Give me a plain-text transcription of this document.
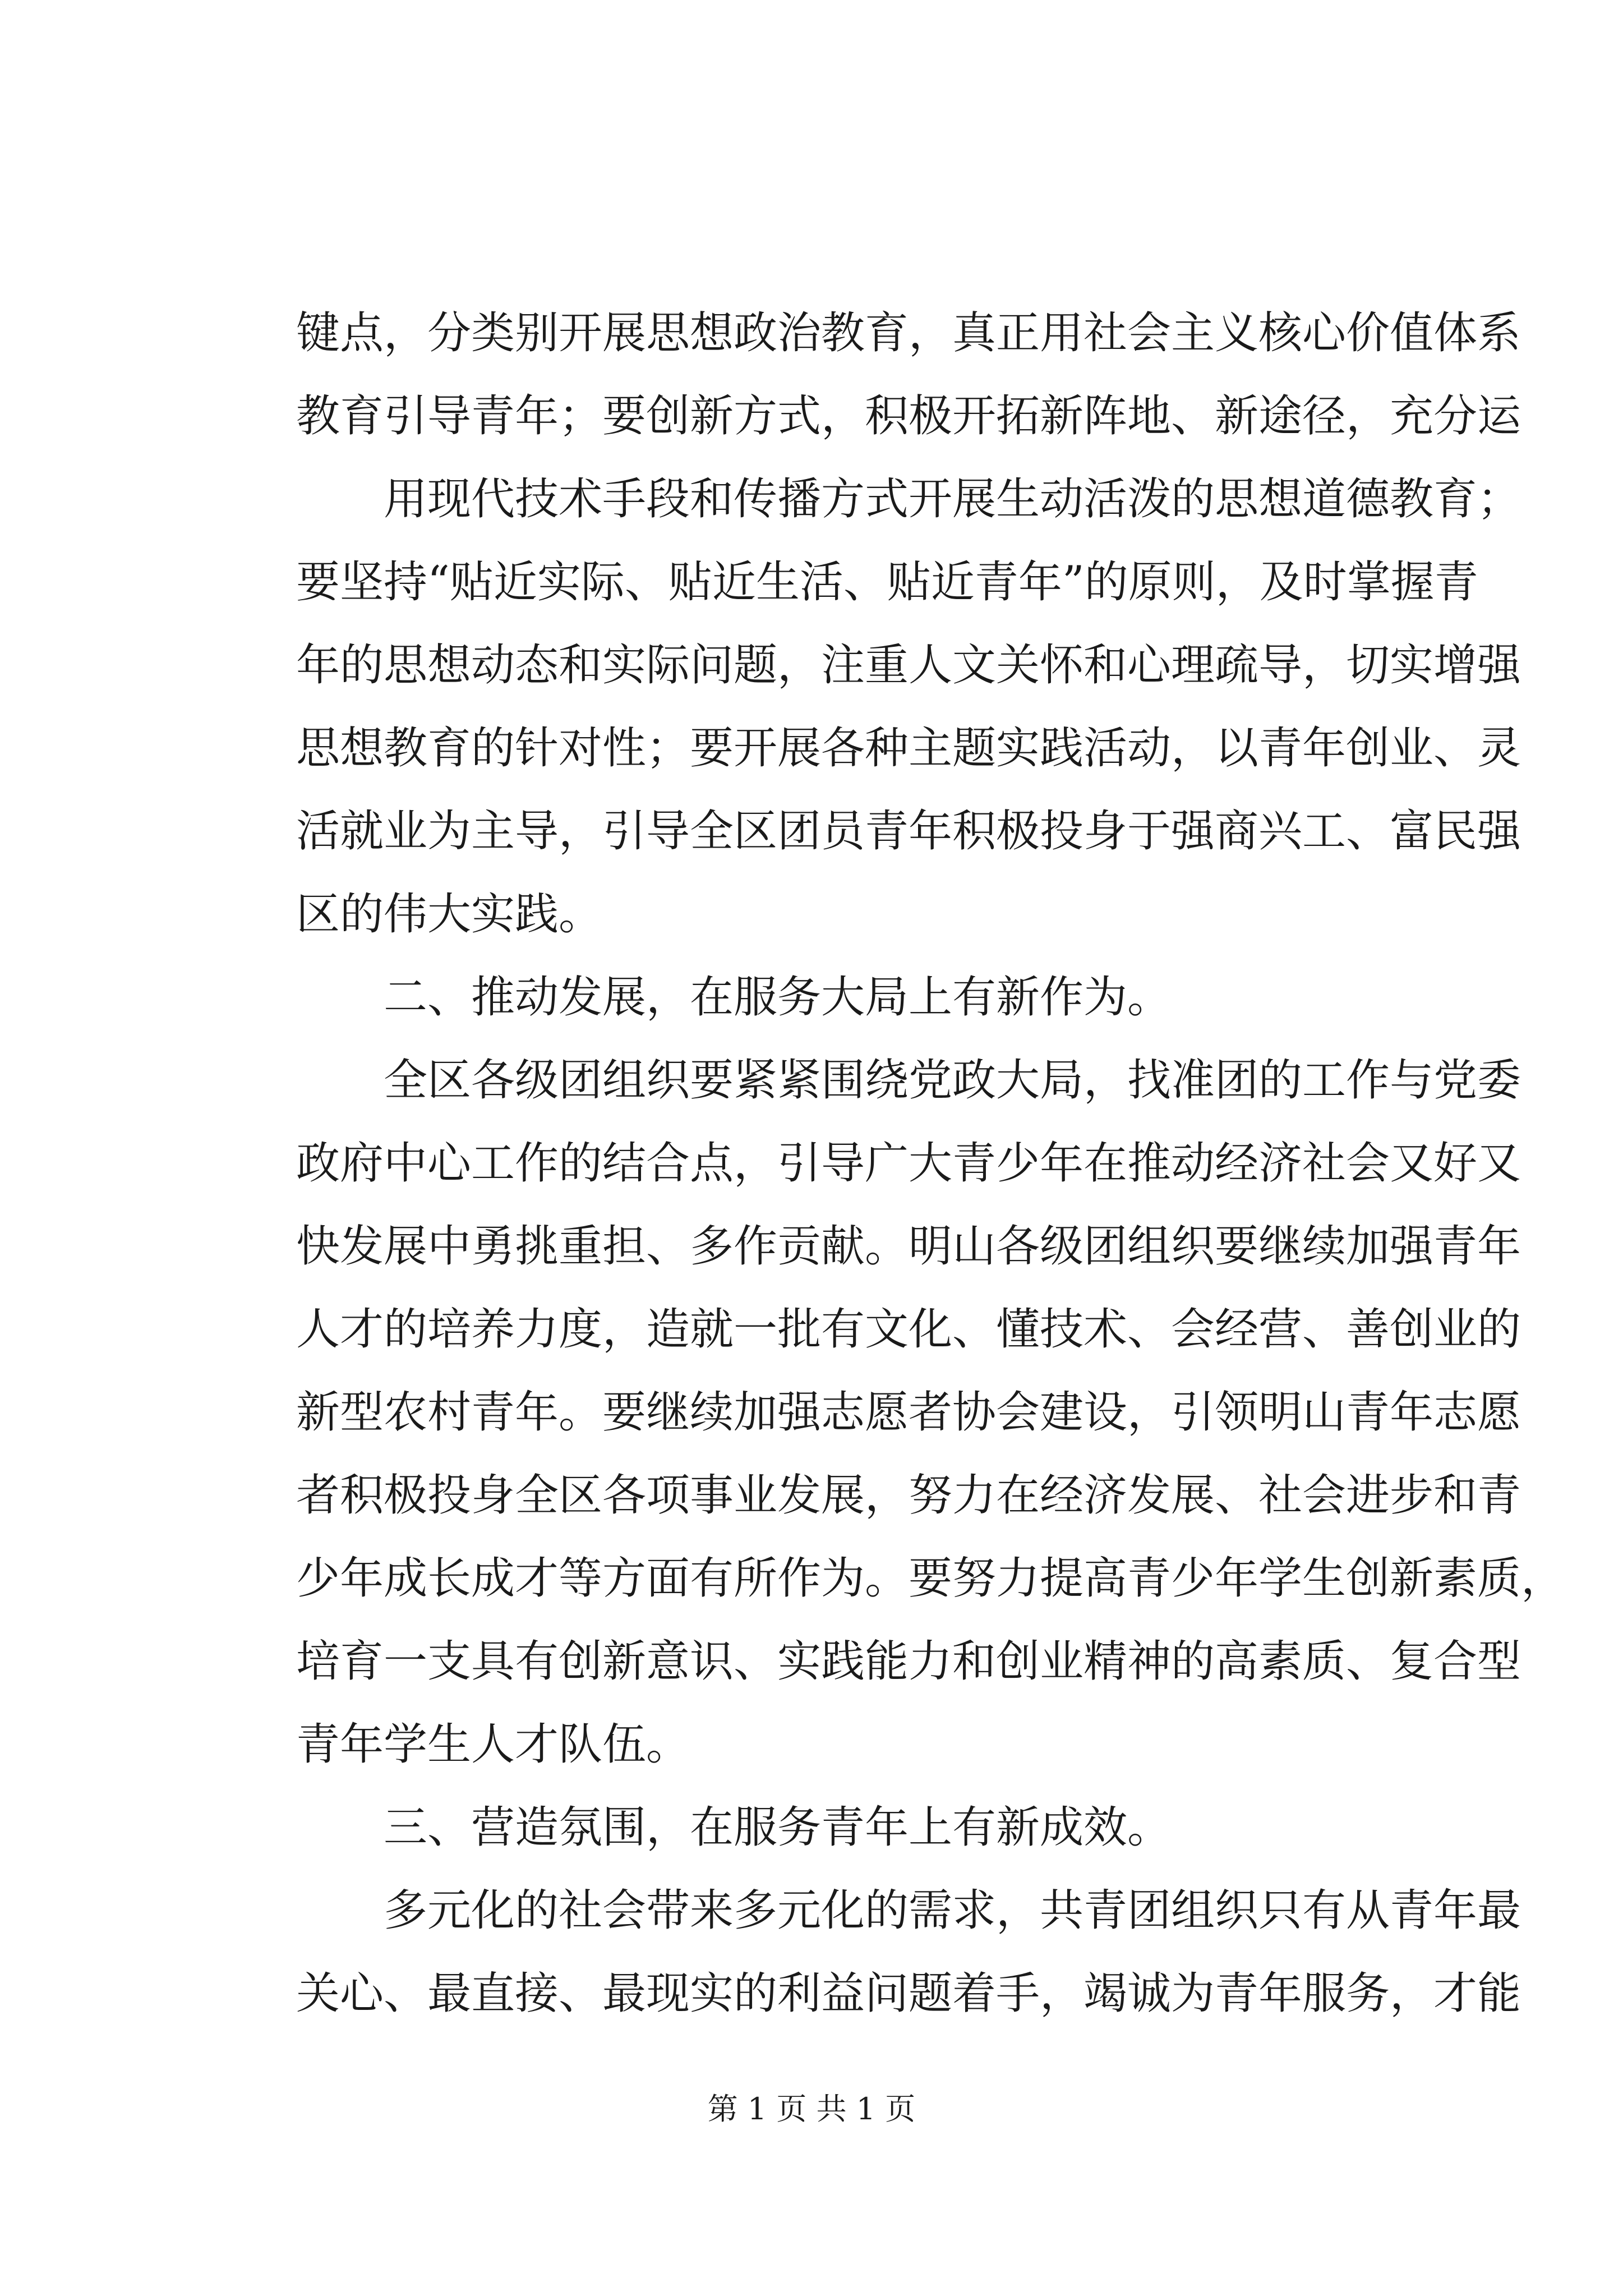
键点，分类别开展思想政治教育，真正用社会主义核心价值体系
教育引导青年；要创新方式，积极开拓新阵地、新途径，充分运
用现代技术手段和传播方式开展生动活泼的思想道德教育；
要坚持“贴近实际、贴近生活、贴近青年”的原则，及时掌握青
年的思想动态和实际问题，注重人文关怀和心理疏导，切实增强
思想教育的针对性；要开展各种主题实践活动，以青年创业、灵
活就业为主导，引导全区团员青年积极投身于强商兴工、富民强
区的伟大实践。
二、推动发展，在服务大局上有新作为。
全区各级团组织要紧紧围绕党政大局，找准团的工作与党委
政府中心工作的结合点，引导广大青少年在推动经济社会又好又
快发展中勇挑重担、多作贡献。明山各级团组织要继续加强青年
人才的培养力度，造就一批有文化、懂技术、会经营、善创业的
新型农村青年。要继续加强志愿者协会建设，引领明山青年志愿
者积极投身全区各项事业发展，努力在经济发展、社会进步和青
少年成长成才等方面有所作为。要努力提高青少年学生创新素质，
培育一支具有创新意识、实践能力和创业精神的高素质、复合型
青年学生人才队伍。
三、营造氛围，在服务青年上有新成效。
多元化的社会带来多元化的需求，共青团组织只有从青年最
关心、最直接、最现实的利益问题着手，竭诚为青年服务，才能
第 1 页 共 1 页
